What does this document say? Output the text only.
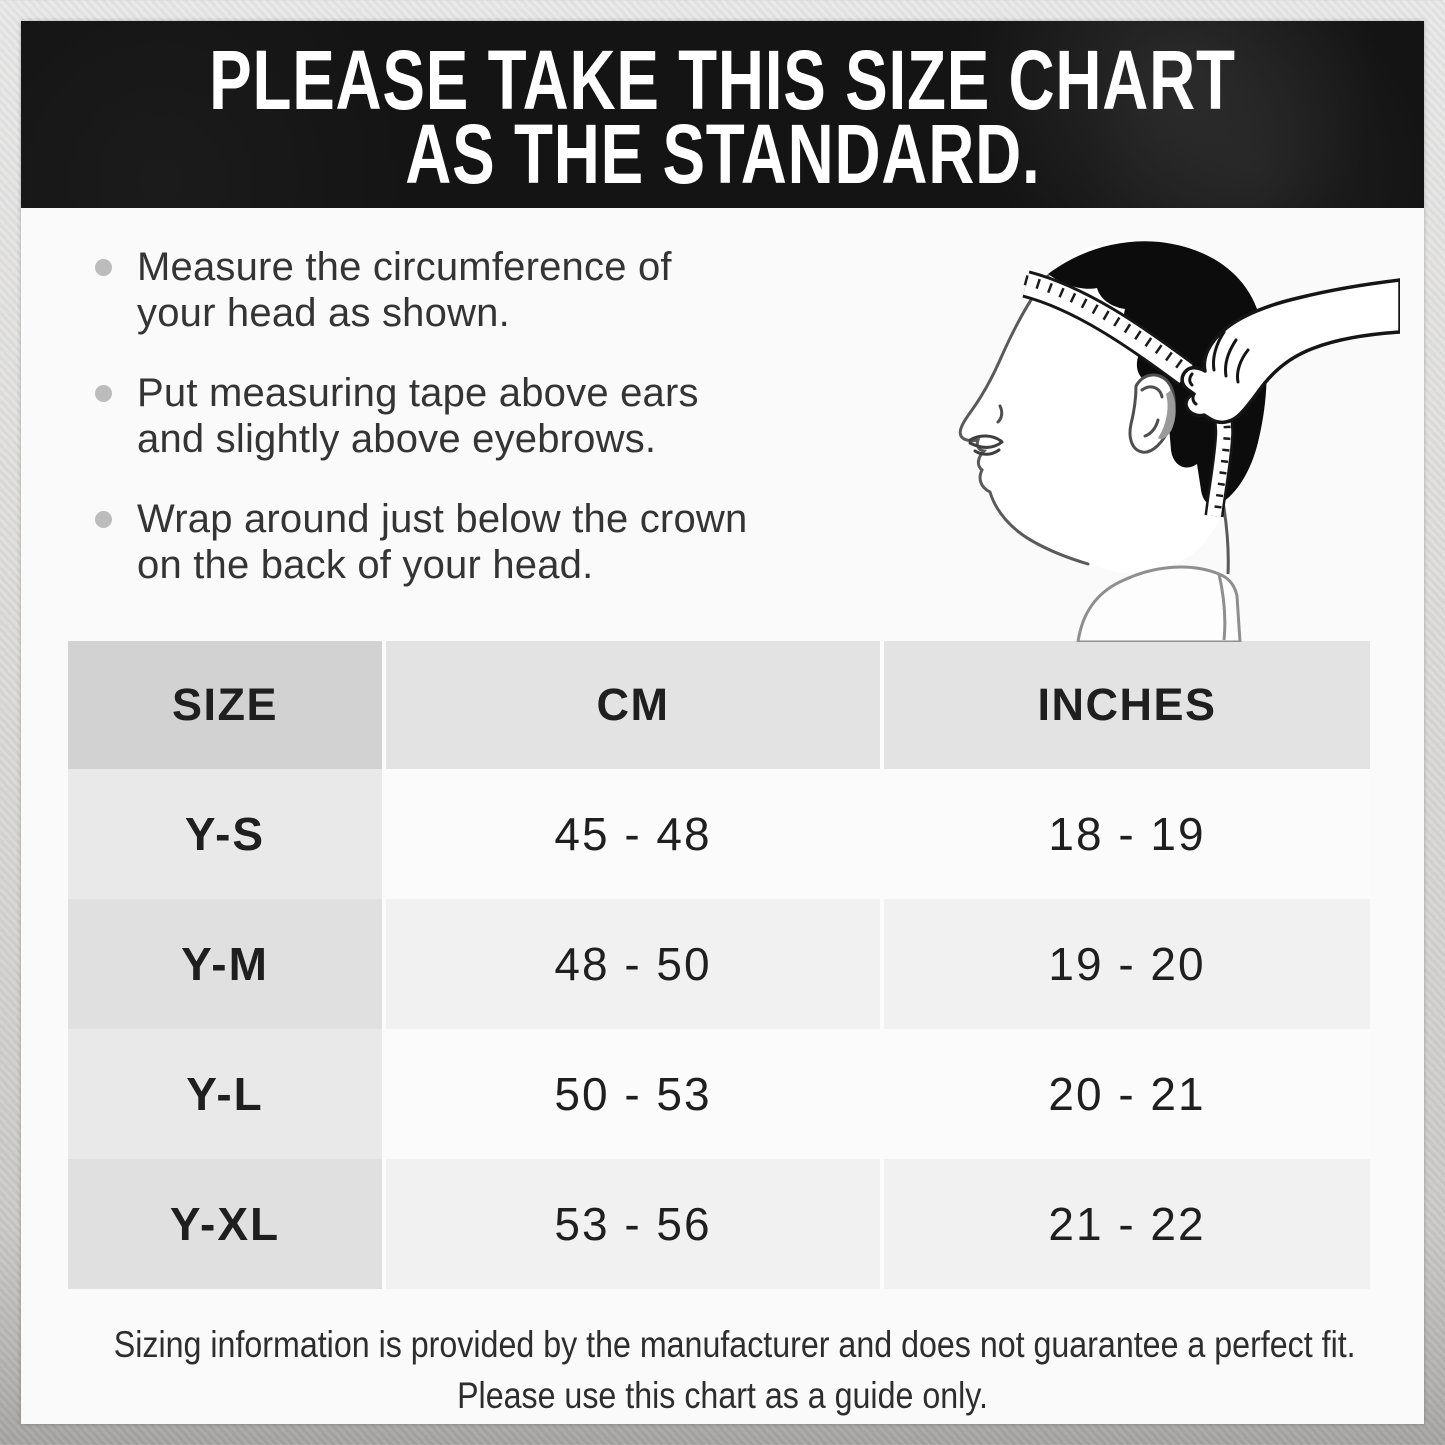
PLEASE TAKE THIS SIZE CHART
AS THE STANDARD.
Measure the circumference of
your head as shown.
Put measuring tape above ears
and slightly above eyebrows.
Wrap around just below the crown
on the back of your head.
SIZE	CM	INCHES
Y-S	45 - 48	18 - 19
Y-M	48 - 50	19 - 20
Y-L	50 - 53	20 - 21
Y-XL	53 - 56	21 - 22
Sizing information is provided by the manufacturer and does not guarantee a perfect fit.
Please use this chart as a guide only.
